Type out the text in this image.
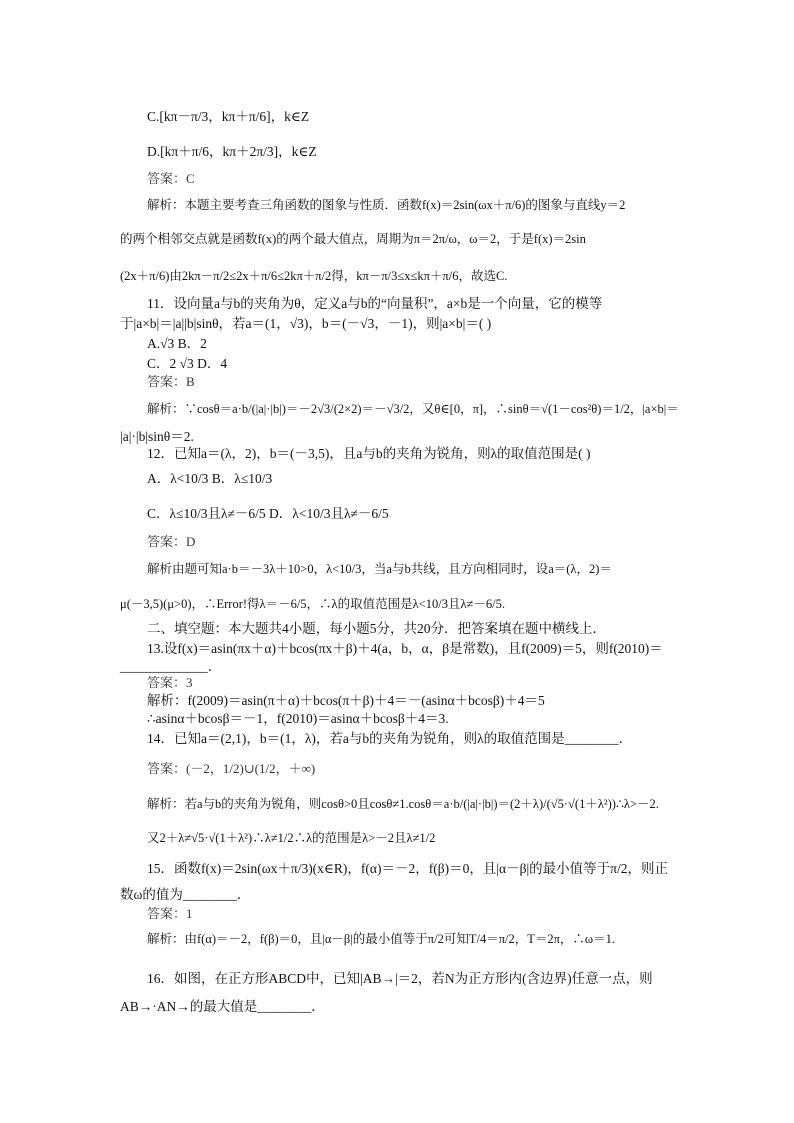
C.[kπ－π/3，kπ＋π/6]，k∈Z
D.[kπ＋π/6，kπ＋2π/3]，k∈Z
答案：C
解析：本题主要考查三角函数的图象与性质．函数f(x)＝2sin(ωx＋π/6)的图象与直线y＝2
的两个相邻交点就是函数f(x)的两个最大值点，周期为π＝2π/ω，ω＝2，于是f(x)＝2sin
(2x＋π/6)由2kπ－π/2≤2x＋π/6≤2kπ＋π/2得，kπ－π/3≤x≤kπ＋π/6，故选C.
11．设向量a与b的夹角为θ，定义a与b的“向量积”，a×b是一个向量，它的模等
于|a×b|＝|a||b|sinθ，若a＝(1，√3)，b＝(－√3，－1)，则|a×b|＝( )
A.√3 B．2
C．2 √3 D．4
答案：B
解析：∵cosθ＝a·b/(|a|·|b|)＝－2√3/(2×2)＝－√3/2，又θ∈[0，π]，∴sinθ＝√(1－cos²θ)＝1/2，|a×b|＝
|a|·|b|sinθ＝2.
12．已知a＝(λ，2)，b＝(－3,5)，且a与b的夹角为锐角，则λ的取值范围是( )
A．λ<10/3 B．λ≤10/3
C．λ≤10/3且λ≠－6/5 D．λ<10/3且λ≠－6/5
答案：D
解析由题可知a·b＝－3λ＋10>0，λ<10/3，当a与b共线，且方向相同时，设a＝(λ，2)＝
μ(－3,5)(μ>0)，∴Error!得λ＝－6/5，∴λ的取值范围是λ<10/3且λ≠－6/5.
二、填空题：本大题共4小题，每小题5分，共20分．把答案填在题中横线上．
13.设f(x)＝asin(πx＋α)＋bcos(πx＋β)＋4(a，b，α，β是常数)，且f(2009)＝5，则f(2010)＝
_____________．
答案：3
解析：f(2009)＝asin(π＋α)＋bcos(π＋β)＋4＝－(asinα＋bcosβ)＋4＝5
∴asinα＋bcosβ＝－1，f(2010)＝asinα＋bcosβ＋4＝3.
14．已知a＝(2,1)，b＝(1，λ)，若a与b的夹角为锐角，则λ的取值范围是________．
答案：(－2，1/2)∪(1/2，＋∞)
解析：若a与b的夹角为锐角，则cosθ>0且cosθ≠1.cosθ＝a·b/(|a|·|b|)＝(2＋λ)/(√5·√(1＋λ²))∴λ>－2.
又2＋λ≠√5·√(1＋λ²)∴λ≠1/2∴λ的范围是λ>－2且λ≠1/2
15．函数f(x)＝2sin(ωx＋π/3)(x∈R)，f(α)＝－2，f(β)＝0，且|α－β|的最小值等于π/2，则正
数ω的值为________．
答案：1
解析：由f(α)＝－2，f(β)＝0，且|α－β|的最小值等于π/2可知T/4＝π/2，T＝2π，∴ω＝1.
16．如图，在正方形ABCD中，已知|AB→|＝2，若N为正方形内(含边界)任意一点，则
AB→·AN→的最大值是________．
